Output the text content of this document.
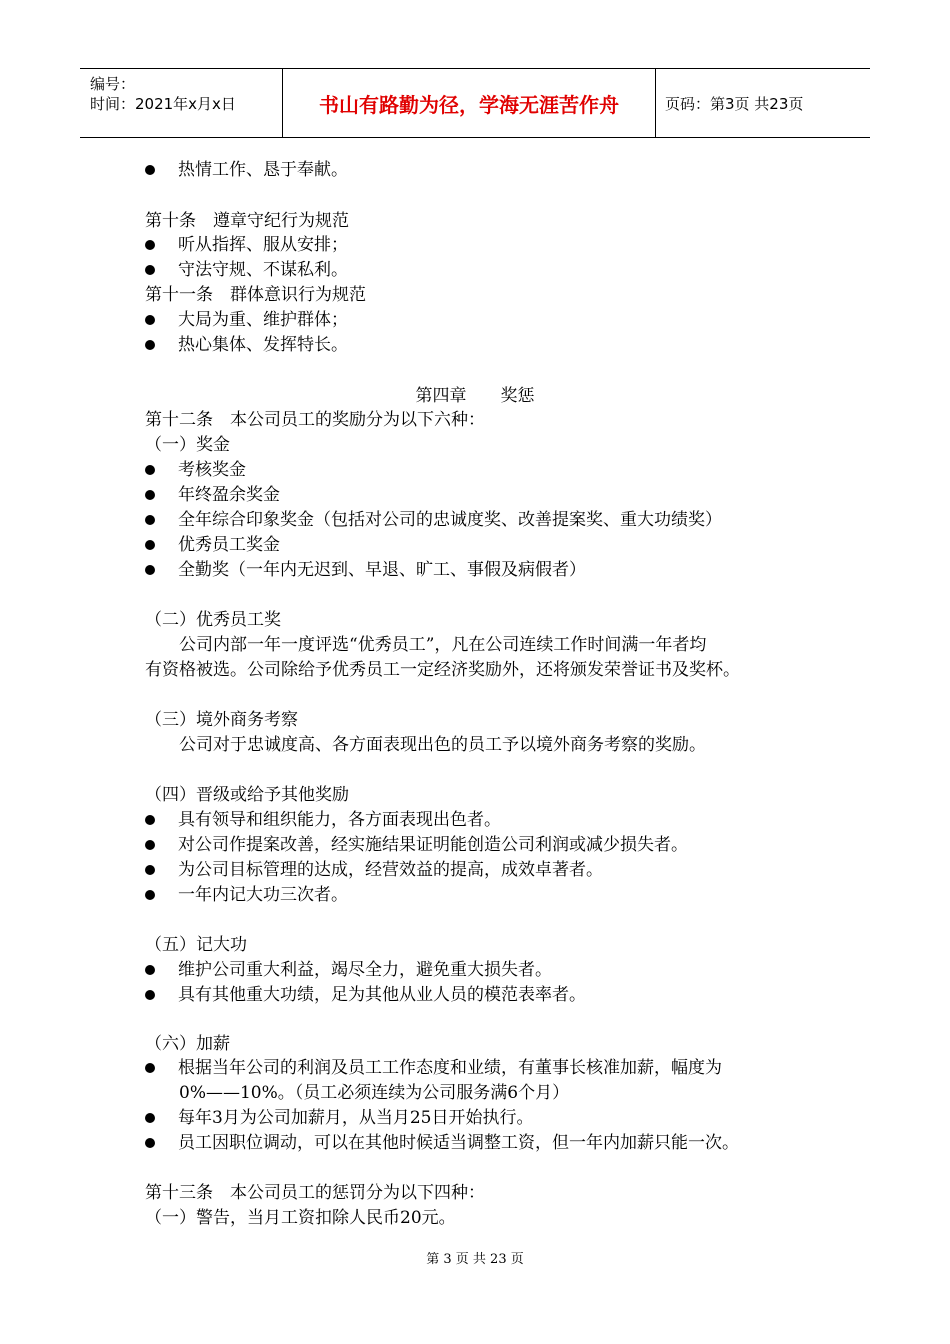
编号：
时间：2021年x月x日	书山有路勤为径，学海无涯苦作舟	页码：第3页 共23页
热情工作、恳于奉献。
第十条　遵章守纪行为规范
听从指挥、服从安排；
守法守规、不谋私利。
第十一条　群体意识行为规范
大局为重、维护群体；
热心集体、发挥特长。
第四章　　奖惩
第十二条　本公司员工的奖励分为以下六种：
（一）奖金
考核奖金
年终盈余奖金
全年综合印象奖金（包括对公司的忠诚度奖、改善提案奖、重大功绩奖）
优秀员工奖金
全勤奖（一年内无迟到、早退、旷工、事假及病假者）
（二）优秀员工奖
　　公司内部一年一度评选“优秀员工”，凡在公司连续工作时间满一年者均
有资格被选。公司除给予优秀员工一定经济奖励外，还将颁发荣誉证书及奖杯。
（三）境外商务考察
　　公司对于忠诚度高、各方面表现出色的员工予以境外商务考察的奖励。
（四）晋级或给予其他奖励
具有领导和组织能力，各方面表现出色者。
对公司作提案改善，经实施结果证明能创造公司利润或减少损失者。
为公司目标管理的达成，经营效益的提高，成效卓著者。
一年内记大功三次者。
（五）记大功
维护公司重大利益，竭尽全力，避免重大损失者。
具有其他重大功绩，足为其他从业人员的模范表率者。
（六）加薪
根据当年公司的利润及员工工作态度和业绩，有董事长核准加薪，幅度为
　　0%——10%。（员工必须连续为公司服务满6个月）
每年3月为公司加薪月，从当月25日开始执行。
员工因职位调动，可以在其他时候适当调整工资，但一年内加薪只能一次。
第十三条　本公司员工的惩罚分为以下四种：
（一）警告，当月工资扣除人民币20元。
第 3 页 共 23 页
